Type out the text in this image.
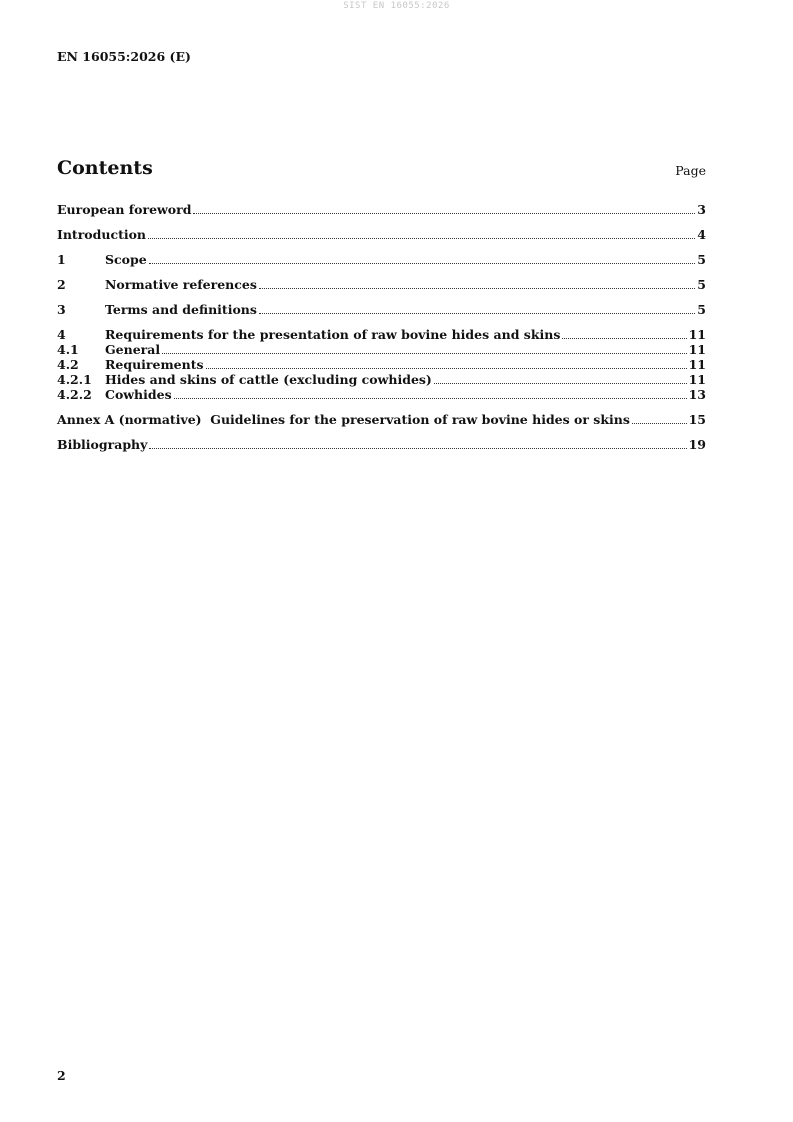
SIST EN 16055:2026
EN 16055:2026 (E)
Contents	Page
European foreword	3
Introduction	4
1	Scope	5
2	Normative references	5
3	Terms and definitions	5
4	Requirements for the presentation of raw bovine hides and skins	11
4.1	General	11
4.2	Requirements	11
4.2.1	Hides and skins of cattle (excluding cowhides)	11
4.2.2	Cowhides	13
Annex A (normative)  Guidelines for the preservation of raw bovine hides or skins	15
Bibliography	19
2
